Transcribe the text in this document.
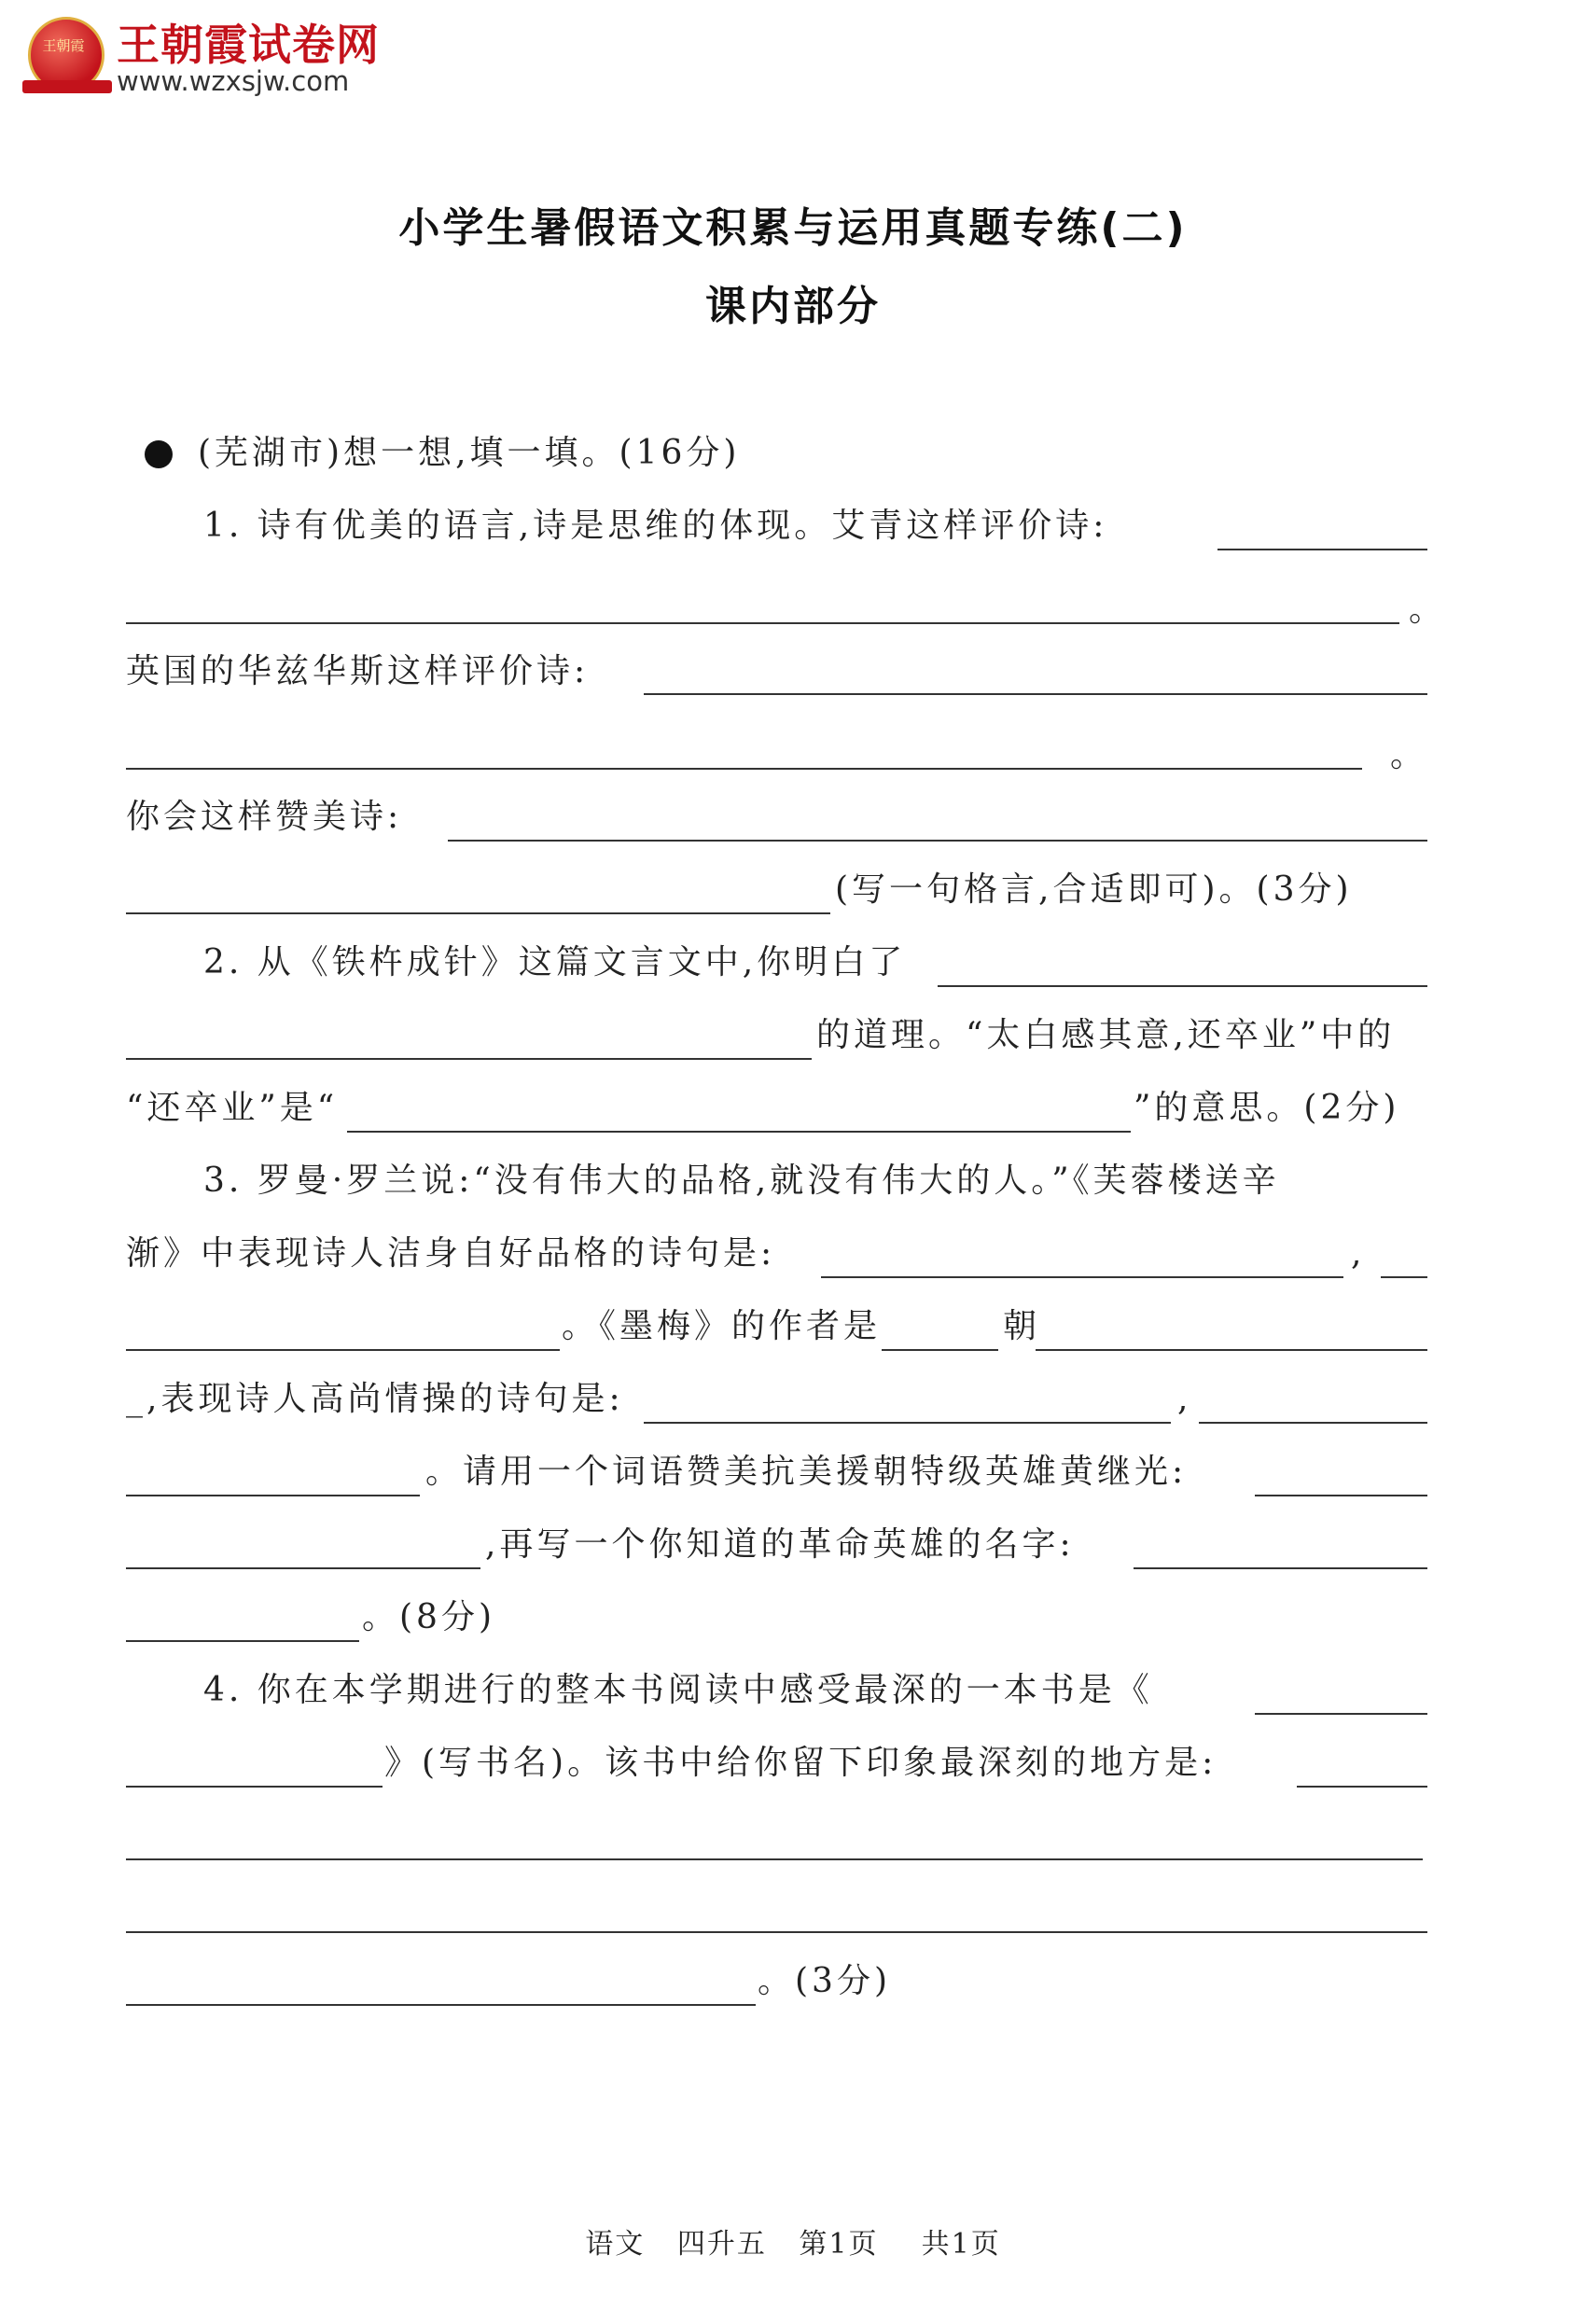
王朝霞 王朝霞试卷网
www.wzxsjw.com
小学生暑假语文积累与运用真题专练(二)
课内部分
(芜湖市)想一想,填一填。(16分)
1. 诗有优美的语言,诗是思维的体现。艾青这样评价诗:
。
英国的华兹华斯这样评价诗:
。
你会这样赞美诗:
(写一句格言,合适即可)。(3分)
2. 从《铁杵成针》这篇文言文中,你明白了
的道理。“太白感其意,还卒业”中的
“还卒业”是“	”的意思。(2分)
3. 罗曼·罗兰说:“没有伟大的品格,就没有伟大的人。”《芙蓉楼送辛
渐》中表现诗人洁身自好品格的诗句是:	,
。《墨梅》的作者是	朝
_,表现诗人高尚情操的诗句是:	,
。请用一个词语赞美抗美援朝特级英雄黄继光:
,再写一个你知道的革命英雄的名字:
。(8分)
4. 你在本学期进行的整本书阅读中感受最深的一本书是《
》(写书名)。该书中给你留下印象最深刻的地方是:
。(3分)
语文   四升五   第1页    共1页
